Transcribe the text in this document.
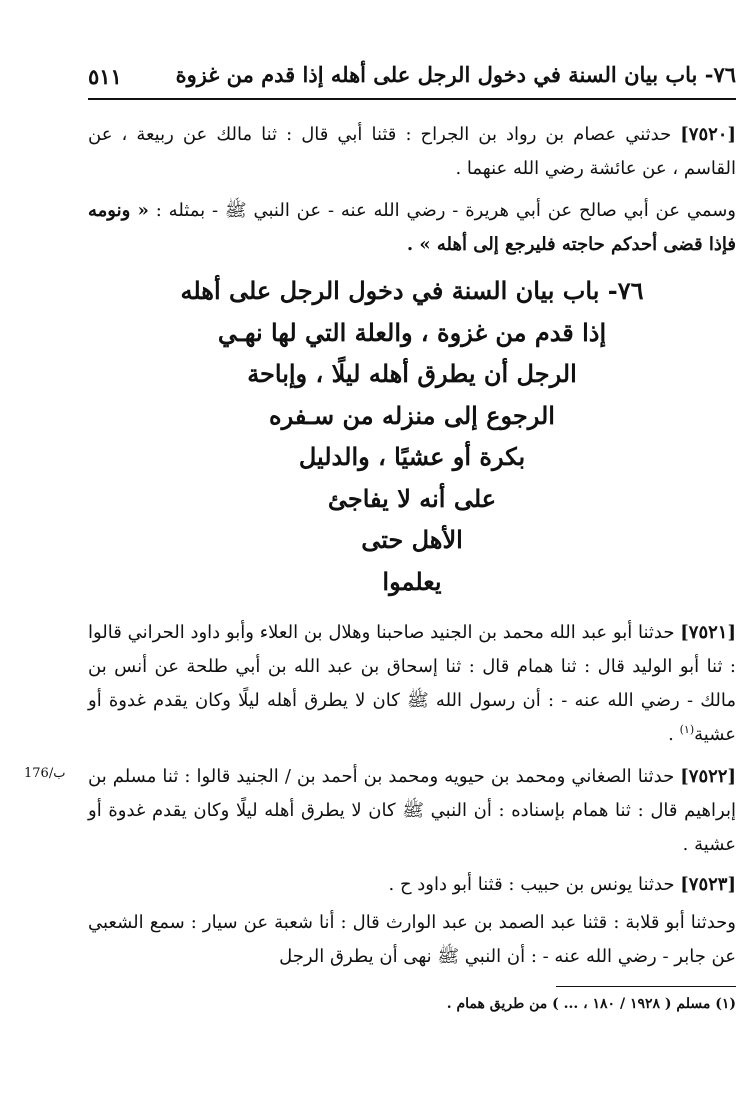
٧٦- باب بيان السنة في دخول الرجل على أهله إذا قدم من غزوة
٥١١
[٧٥٢٠] حدثني عصام بن رواد بن الجراح : قثنا أبي قال : ثنا مالك عن ربيعة ، عن القاسم ، عن عائشة رضي الله عنهما .
وسمي عن أبي صالح عن أبي هريرة - رضي الله عنه - عن النبي ﷺ - بمثله : « ونومه فإذا قضى أحدكم حاجته فليرجع إلى أهله » .
٧٦- باب بيان السنة في دخول الرجل على أهله
إذا قدم من غزوة ، والعلة التي لها نهـي
الرجل أن يطرق أهله ليلًا ، وإباحة
الرجوع إلى منزله من سـفره
بكرة أو عشيًا ، والدليل
على أنه لا يفاجئ
الأهل حتى
يعلموا
[٧٥٢١] حدثنا أبو عبد الله محمد بن الجنيد صاحبنا وهلال بن العلاء وأبو داود الحراني قالوا : ثنا أبو الوليد قال : ثنا همام قال : ثنا إسحاق بن عبد الله بن أبي طلحة عن أنس بن مالك - رضي الله عنه - : أن رسول الله ﷺ كان لا يطرق أهله ليلًا وكان يقدم غدوة أو عشية$^{(١)}$ .
[٧٥٢٢] حدثنا الصغاني ومحمد بن حيويه ومحمد بن أحمد بن / الجنيد قالوا : ثنا مسلم بن إبراهيم قال : ثنا همام بإسناده : أن النبي ﷺ كان لا يطرق أهله ليلًا وكان يقدم غدوة أو عشية .
176/ب
[٧٥٢٣] حدثنا يونس بن حبيب : قثنا أبو داود ح .
وحدثنا أبو قلابة : قثنا عبد الصمد بن عبد الوارث قال : أنا شعبة عن سيار : سمع الشعبي عن جابر - رضي الله عنه - : أن النبي ﷺ نهى أن يطرق الرجل
(١) مسلم ( ١٩٢٨ / ١٨٠ ، ... ) من طريق همام .
